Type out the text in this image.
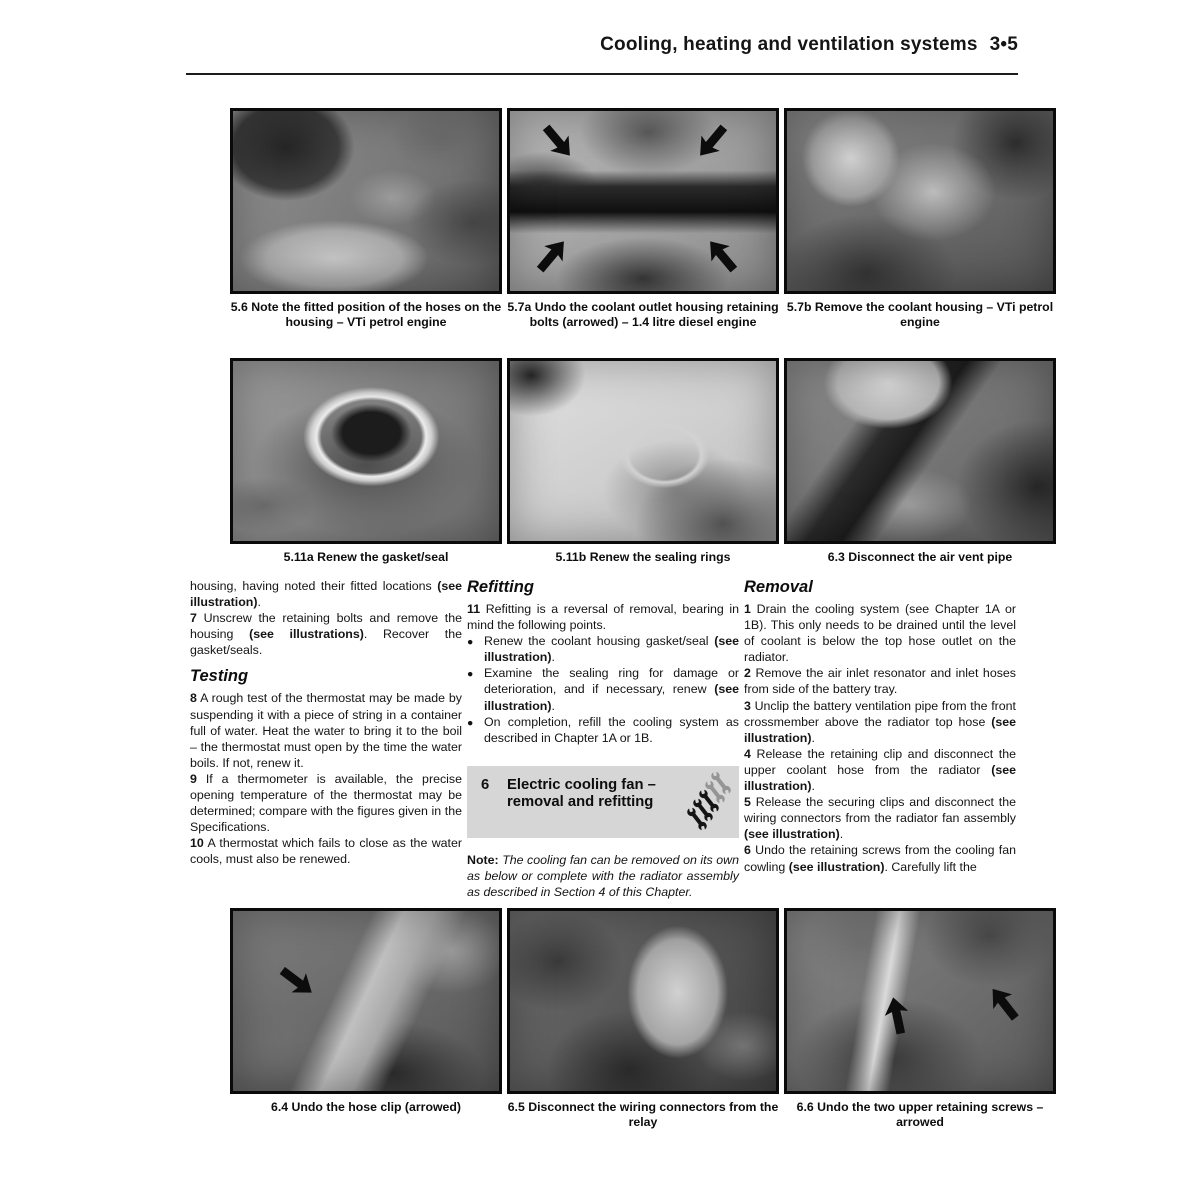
Cooling, heating and ventilation systems 3•5
5.6 Note the fitted position of the hoses on the housing – VTi petrol engine
5.7a Undo the coolant outlet housing retaining bolts (arrowed) – 1.4 litre diesel engine
5.7b Remove the coolant housing – VTi petrol engine
5.11a Renew the gasket/seal	5.11b Renew the sealing rings	6.3 Disconnect the air vent pipe

housing, having noted their fitted locations (see illustration).

7 Unscrew the retaining bolts and remove the housing (see illustrations). Recover the gasket/seals.

Testing

8 A rough test of the thermostat may be made by suspending it with a piece of string in a container full of water. Heat the water to bring it to the boil – the thermostat must open by the time the water boils. If not, renew it.

9 If a thermometer is available, the precise opening temperature of the thermostat may be determined; compare with the figures given in the Specifications.

10 A thermostat which fails to close as the water cools, must also be renewed.

Refitting

11 Refitting is a reversal of removal, bearing in mind the following points.

● Renew the coolant housing gasket/seal (see illustration).
● Examine the sealing ring for damage or deterioration, and if necessary, renew (see illustration).
● On completion, refill the cooling system as described in Chapter 1A or 1B.
6 Electric cooling fan –
removal and refitting

Note: The cooling fan can be removed on its own as below or complete with the radiator assembly as described in Section 4 of this Chapter.

Removal

1 Drain the cooling system (see Chapter 1A or 1B). This only needs to be drained until the level of coolant is below the top hose outlet on the radiator.

2 Remove the air inlet resonator and inlet hoses from side of the battery tray.

3 Unclip the battery ventilation pipe from the front crossmember above the radiator top hose (see illustration).

4 Release the retaining clip and disconnect the upper coolant hose from the radiator (see illustration).

5 Release the securing clips and disconnect the wiring connectors from the radiator fan assembly (see illustration).

6 Undo the retaining screws from the cooling fan cowling (see illustration). Carefully lift the

6.4 Undo the hose clip (arrowed)	6.5 Disconnect the wiring connectors from the relay
6.6 Undo the two upper retaining screws – arrowed
